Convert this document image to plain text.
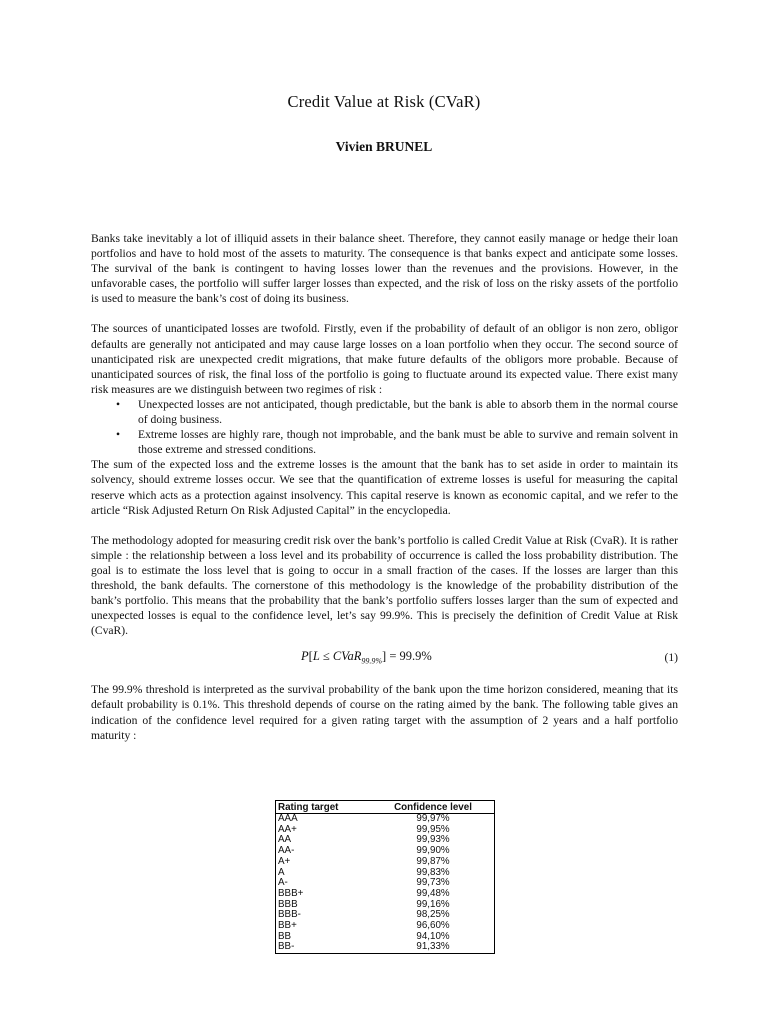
Credit Value at Risk (CVaR)
Vivien BRUNEL

Banks take inevitably a lot of illiquid assets in their balance sheet. Therefore, they cannot easily manage or hedge their loan portfolios and have to hold most of the assets to maturity. The consequence is that banks expect and anticipate some losses. The survival of the bank is contingent to having losses lower than the revenues and the provisions. However, in the unfavorable cases, the portfolio will suffer larger losses than expected, and the risk of loss on the risky assets of the portfolio is used to measure the bank’s cost of doing its business.

The sources of unanticipated losses are twofold. Firstly, even if the probability of default of an obligor is non zero, obligor defaults are generally not anticipated and may cause large losses on a loan portfolio when they occur. The second source of unanticipated risk are unexpected credit migrations, that make future defaults of the obligors more probable. Because of unanticipated sources of risk, the final loss of the portfolio is going to fluctuate around its expected value. There exist many risk measures are we distinguish between two regimes of risk :

• Unexpected losses are not anticipated, though predictable, but the bank is able to absorb them in the normal course of doing business.
• Extreme losses are highly rare, though not improbable, and the bank must be able to survive and remain solvent in those extreme and stressed conditions.

The sum of the expected loss and the extreme losses is the amount that the bank has to set aside in order to maintain its solvency, should extreme losses occur. We see that the quantification of extreme losses is useful for measuring the capital reserve which acts as a protection against insolvency. This capital reserve is known as economic capital, and we refer to the article “Risk Adjusted Return On Risk Adjusted Capital” in the encyclopedia.

The methodology adopted for measuring credit risk over the bank’s portfolio is called Credit Value at Risk (CvaR). It is rather simple : the relationship between a loss level and its probability of occurrence is called the loss probability distribution. The goal is to estimate the loss level that is going to occur in a small fraction of the cases. If the losses are larger than this threshold, the bank defaults. The cornerstone of this methodology is the knowledge of the probability distribution of the bank’s portfolio. This means that the probability that the bank’s portfolio suffers losses larger than the sum of expected and unexpected losses is equal to the confidence level, let’s say 99.9%. This is precisely the definition of Credit Value at Risk (CvaR).

P[L ≤ CVaR$_{99.9\%}$] = 99.9%	(1)

The 99.9% threshold is interpreted as the survival probability of the bank upon the time horizon considered, meaning that its default probability is 0.1%. This threshold depends of course on the rating aimed by the bank. The following table gives an indication of the confidence level required for a given rating target with the assumption of 2 years and a half portfolio maturity :

Rating target	Confidence level
AAA	99,97%
AA+	99,95%
AA	99,93%
AA-	99,90%
A+	99,87%
A	99,83%
A-	99,73%
BBB+	99,48%
BBB	99,16%
BBB-	98,25%
BB+	96,60%
BB	94,10%
BB-	91,33%
